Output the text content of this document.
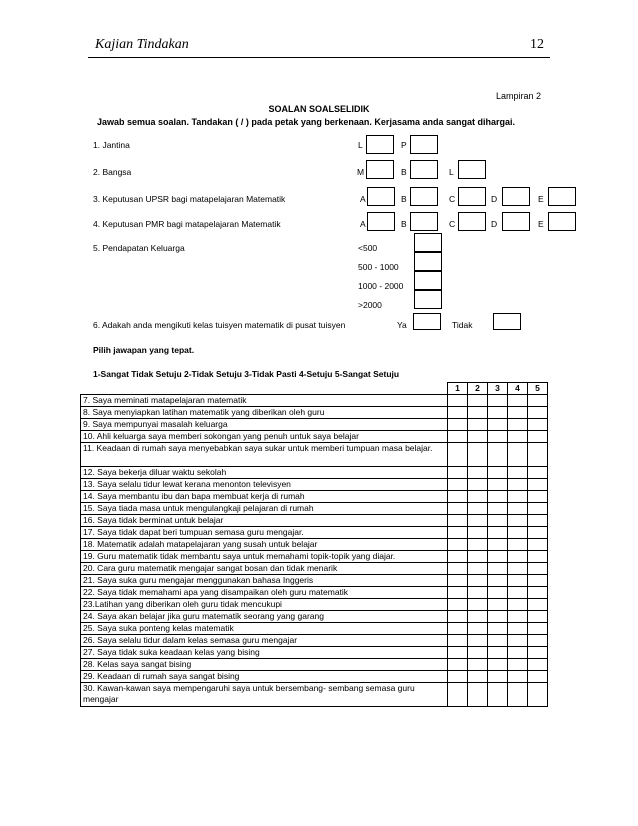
Kajian Tindakan	12
Lampiran 2
SOALAN SOALSELIDIK
Jawab semua soalan. Tandakan ( / ) pada petak yang berkenaan. Kerjasama anda sangat dihargai.
1. Jantina	L	P
2. Bangsa	M	B	L
3. Keputusan UPSR bagi matapelajaran Matematik	A	B	C	D	E
4. Keputusan PMR bagi matapelajaran Matematik	A	B	C	D	E
5. Pendapatan Keluarga	<500
500 - 1000
1000 - 2000
>2000
6. Adakah anda mengikuti kelas tuisyen matematik di pusat tuisyen	Ya	Tidak
Pilih jawapan yang tepat.
1-Sangat Tidak Setuju 2-Tidak Setuju 3-Tidak Pasti 4-Setuju 5-Sangat Setuju
	1	2	3	4	5
7. Saya meminati matapelajaran matematik					
8. Saya menyiapkan latihan matematik yang diberikan oleh guru					
9. Saya mempunyai masalah keluarga					
10. Ahli keluarga saya memberi sokongan yang penuh untuk saya belajar					
11. Keadaan di rumah saya menyebabkan saya sukar untuk memberi tumpuan masa belajar.					
12. Saya bekerja diluar waktu sekolah					
13. Saya selalu tidur lewat kerana menonton televisyen					
14. Saya membantu ibu dan bapa membuat kerja di rumah					
15. Saya tiada masa untuk mengulangkaji pelajaran di rumah					
16. Saya tidak berminat untuk belajar					
17. Saya tidak dapat beri tumpuan semasa guru mengajar.					
18. Matematik adalah matapelajaran yang susah untuk belajar					
19. Guru matematik tidak membantu saya untuk memahami topik-topik yang diajar.					
20. Cara guru matematik mengajar sangat bosan dan tidak menarik					
21. Saya suka guru mengajar menggunakan bahasa Inggeris					
22. Saya tidak memahami apa yang disampaikan oleh guru matematik					
23.Latihan yang diberikan oleh guru tidak mencukupi					
24. Saya akan belajar jika guru matematik seorang yang garang					
25. Saya suka ponteng kelas matematik					
26. Saya selalu tidur dalam kelas semasa guru mengajar					
27. Saya tidak suka keadaan kelas yang bising					
28. Kelas saya sangat bising					
29. Keadaan di rumah saya sangat bising					
30. Kawan-kawan saya mempengaruhi saya untuk bersembang- sembang semasa guru mengajar					
